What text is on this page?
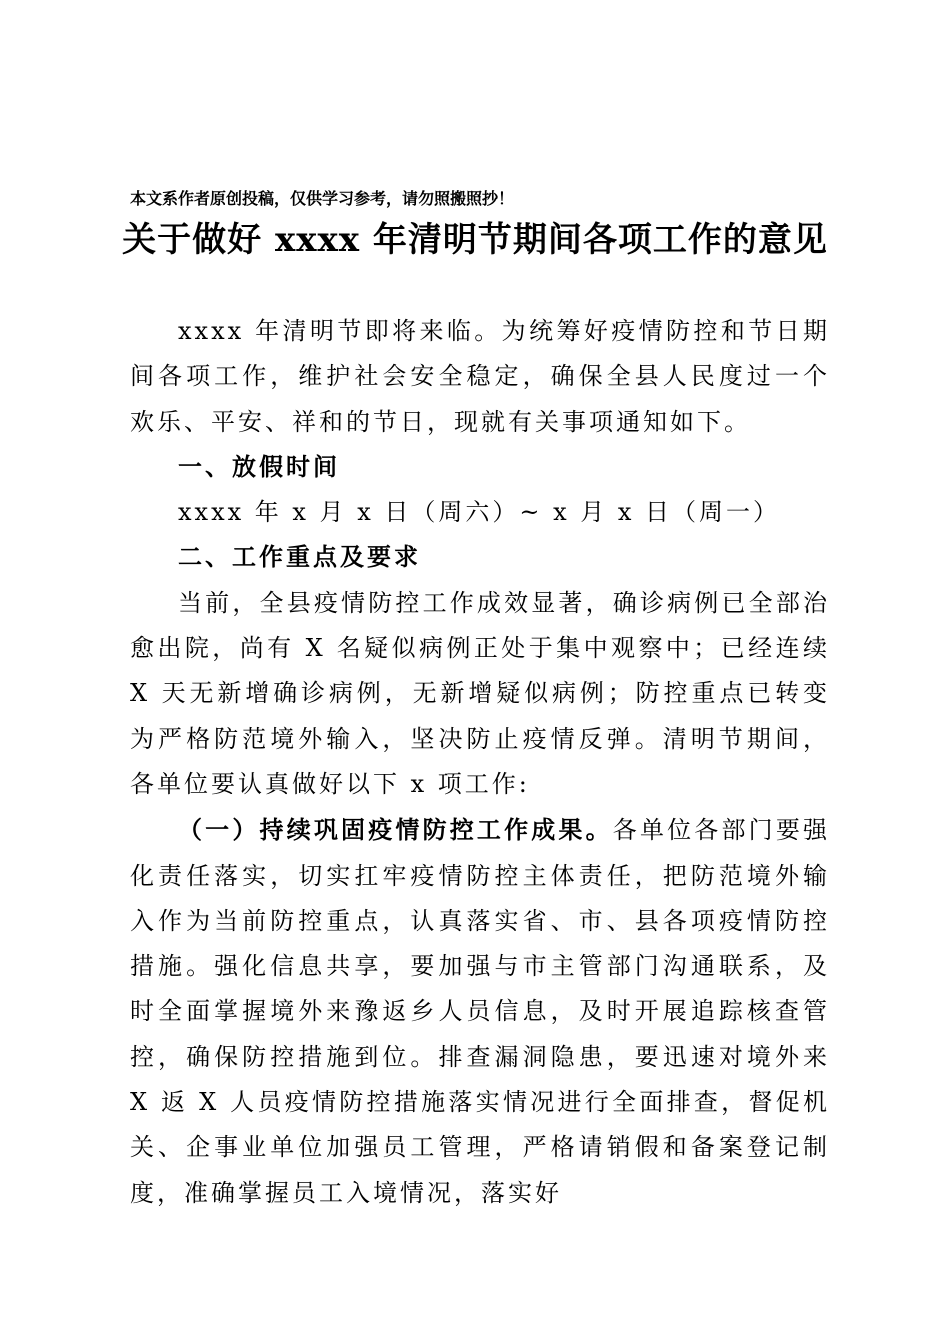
本文系作者原创投稿，仅供学习参考，请勿照搬照抄！
关于做好 xxxx 年清明节期间各项工作的意见

xxxx 年清明节即将来临。为统筹好疫情防控和节日期间各项工作，维护社会安全稳定，确保全县人民度过一个欢乐、平安、祥和的节日，现就有关事项通知如下。

一、放假时间

xxxx 年 x 月 x 日（周六）~ x 月 x 日（周一）

二、工作重点及要求

当前，全县疫情防控工作成效显著，确诊病例已全部治愈出院，尚有 X 名疑似病例正处于集中观察中；已经连续 X 天无新增确诊病例，无新增疑似病例；防控重点已转变为严格防范境外输入，坚决防止疫情反弹。清明节期间，各单位要认真做好以下 x 项工作:

（一）持续巩固疫情防控工作成果。各单位各部门要强化责任落实，切实扛牢疫情防控主体责任，把防范境外输入作为当前防控重点，认真落实省、市、县各项疫情防控措施。强化信息共享，要加强与市主管部门沟通联系，及时全面掌握境外来豫返乡人员信息，及时开展追踪核查管控，确保防控措施到位。排查漏洞隐患，要迅速对境外来 X 返 X 人员疫情防控措施落实情况进行全面排查，督促机关、企事业单位加强员工管理，严格请销假和备案登记制度，准确掌握员工入境情况，落实好
